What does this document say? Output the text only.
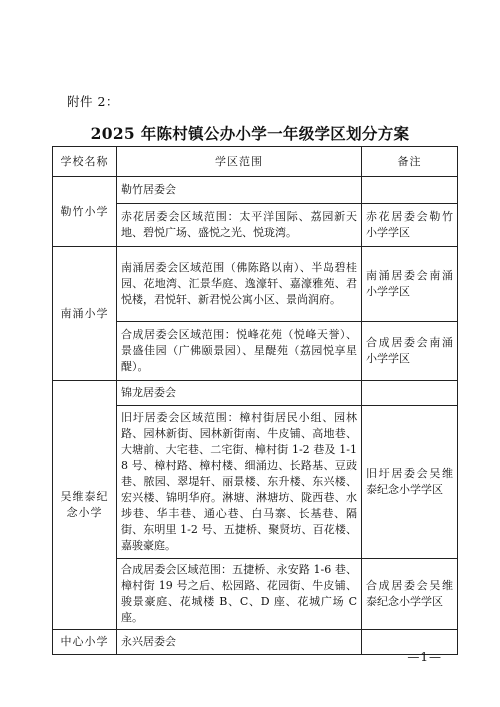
附件 2：
2025 年陈村镇公办小学一年级学区划分方案
学校名称	学区范围	备注
勒竹小学	勒竹居委会	
	赤花居委会区域范围：太平洋国际、荔园新天地、碧悦广场、盛悦之光、悦珑湾。	赤花居委会勒竹小学学区
南涌小学	南涌居委会区域范围（佛陈路以南）、半岛碧桂园、花地湾、汇景华庭、逸濠轩、嘉濠雅苑、君悦楼，君悦轩、新君悦公寓小区、景尚润府。	南涌居委会南涌小学学区
	合成居委会区域范围：悦峰花苑（悦峰天誉）、景盛佳园（广佛颐景园）、星醍苑（荔园悦享星醍）。	合成居委会南涌小学学区
吴维泰纪念小学	锦龙居委会	
	旧圩居委会区域范围：樟村街居民小组、园林路、园林新街、园林新街南、牛皮铺、高地巷、大塘前、大宅巷、二宅街、樟村街 1-2 巷及 1-18 号、樟村路、樟村楼、细涌边、长路基、豆豉巷、脓园、翠堤轩、丽景楼、东升楼、东兴楼、宏兴楼、锦明华府。淋塘、淋塘坊、陇西巷、水埗巷、华丰巷、通心巷、白马寨、长基巷、隔街、东明里 1-2 号、五捷桥、聚贤坊、百花楼、嘉骏豪庭。	旧圩居委会吴维泰纪念小学学区
	合成居委会区域范围：五捷桥、永安路 1-6 巷、樟村街 19 号之后、松园路、花园街、牛皮铺、骏景豪庭、花城楼 B、C、D 座、花城广场 C 座。	合成居委会吴维泰纪念小学学区
中心小学	永兴居委会	
—1—
